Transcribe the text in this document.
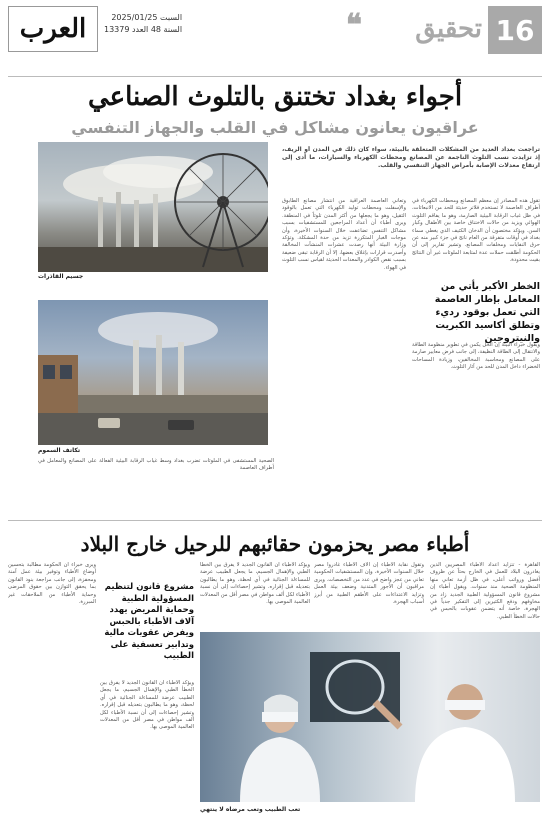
16
تحقيق
❝
العرب	السبت 2025/01/25
السنة 48 العدد 13379
أجواء بغداد تختنق بالتلوث الصناعي
عراقيون يعانون مشاكل في القلب والجهاز التنفسي
جسيم القاذرات
تكاتف السموم
تراجعت بغداد العديد من المشكلات المتعلقة بالبيئة، سواء كان ذلك في المدن أو الريف، إذ تزايدت نسب التلوث الناجمة عن المصانع ومحطات الكهرباء والسيارات، ما أدى إلى ارتفاع معدلات الإصابة بأمراض الجهاز التنفسي والقلب.
تقول هذه المصادر إن معظم المصانع ومحطات الكهرباء في أطراف العاصمة لا تستخدم فلاتر حديثة للحد من الانبعاثات، في ظل غياب الرقابة البيئية الصارمة، وهو ما يفاقم التلوث الهوائي ويزيد من حالات الاختناق خاصة بين الأطفال وكبار السن. ويؤكد مختصون أن الدخان الكثيف الذي يغطي سماء بغداد في أوقات متفرقة من العام ناتج في جزء كبير منه عن حرق النفايات ومخلفات المصانع. وتشير تقارير إلى أن الحكومة أطلقت حملات عدة لمتابعة الملوثات غير أن النتائج بقيت محدودة.
الخطر الأكبر يأتي من المعامل بإطار العاصمة التي تعمل بوقود رديء وتطلق أكاسيد الكبريت والنيتروجين
ويقول خبراء البيئة إن الحل يكمن في تطوير منظومة الطاقة والانتقال إلى الطاقة النظيفة، إلى جانب فرض معايير صارمة على المصانع ومحاسبة المخالفين، وزيادة المساحات الخضراء داخل المدن للحد من آثار التلوث.
وتعاني العاصمة العراقية من انتشار مصانع الطابوق والإسفلت ومحطات توليد الكهرباء التي تعمل بالوقود الثقيل، وهو ما يجعلها من أكثر المدن تلوثاً في المنطقة. ويرى أطباء أن أعداد المراجعين للمستشفيات بسبب مشاكل التنفس تضاعفت خلال السنوات الأخيرة، وأن موجات الغبار المتكررة تزيد من حدة المشكلة. وتؤكد وزارة البيئة أنها رصدت عشرات المنشآت المخالفة وأصدرت قرارات بإغلاق بعضها، إلا أن الرقابة تبقى ضعيفة بسبب نقص الكوادر والمعدات الحديثة لقياس نسب التلوث في الهواء.
الصحية المستشفى في الملوثات تضرب بغداد وسط غياب الرقابة البيئية الفعالة على المصانع والمعامل في أطراف العاصمة
أطباء مصر يحزمون حقائبهم للرحيل خارج البلاد
القاهرة - تتزايد أعداد الأطباء المصريين الذين يغادرون البلاد للعمل في الخارج بحثاً عن ظروف أفضل ورواتب أعلى، في ظل أزمة تعاني منها المنظومة الصحية منذ سنوات. ويقول أطباء إن مشروع قانون المسؤولية الطبية الجديد زاد من مخاوفهم ودفع الكثيرين إلى التفكير جدياً في الهجرة، خاصة أنه يتضمن عقوبات بالحبس في حالات الخطأ الطبي.
وتقول نقابة الأطباء إن آلاف الأطباء غادروا مصر خلال السنوات الأخيرة، وإن المستشفيات الحكومية تعاني من عجز واضح في عدد من التخصصات. ويرى مراقبون أن الأجور المتدنية وضعف بيئة العمل وتزايد الاعتداءات على الأطقم الطبية من أبرز أسباب الهجرة.
ويؤكد الأطباء أن القانون الجديد لا يفرق بين الخطأ الطبي والإهمال الجسيم، ما يجعل الطبيب عرضة للمساءلة الجنائية في أي لحظة، وهو ما يطالبون بتعديله قبل إقراره. وتشير إحصاءات إلى أن نسبة الأطباء لكل ألف مواطن في مصر أقل من المعدلات العالمية الموصى بها.
مشروع قانون لتنظيم المسؤولية الطبية وحماية المريض يهدد آلاف الأطباء بالحبس ويفرض عقوبات مالية وتدابير تعسفية على الطبيب
ويرى خبراء أن الحكومة مطالبة بتحسين أوضاع الأطباء وتوفير بيئة عمل آمنة ومحفزة، إلى جانب مراجعة بنود القانون بما يحقق التوازن بين حقوق المرضى وحماية الأطباء من الملاحقات غير المبررة.
ويؤكد الأطباء أن القانون الجديد لا يفرق بين الخطأ الطبي والإهمال الجسيم، ما يجعل الطبيب عرضة للمساءلة الجنائية في أي لحظة، وهو ما يطالبون بتعديله قبل إقراره. وتشير إحصاءات إلى أن نسبة الأطباء لكل ألف مواطن في مصر أقل من المعدلات العالمية الموصى بها.
تعب الطبيب وتعب مرضاه لا ينتهي
